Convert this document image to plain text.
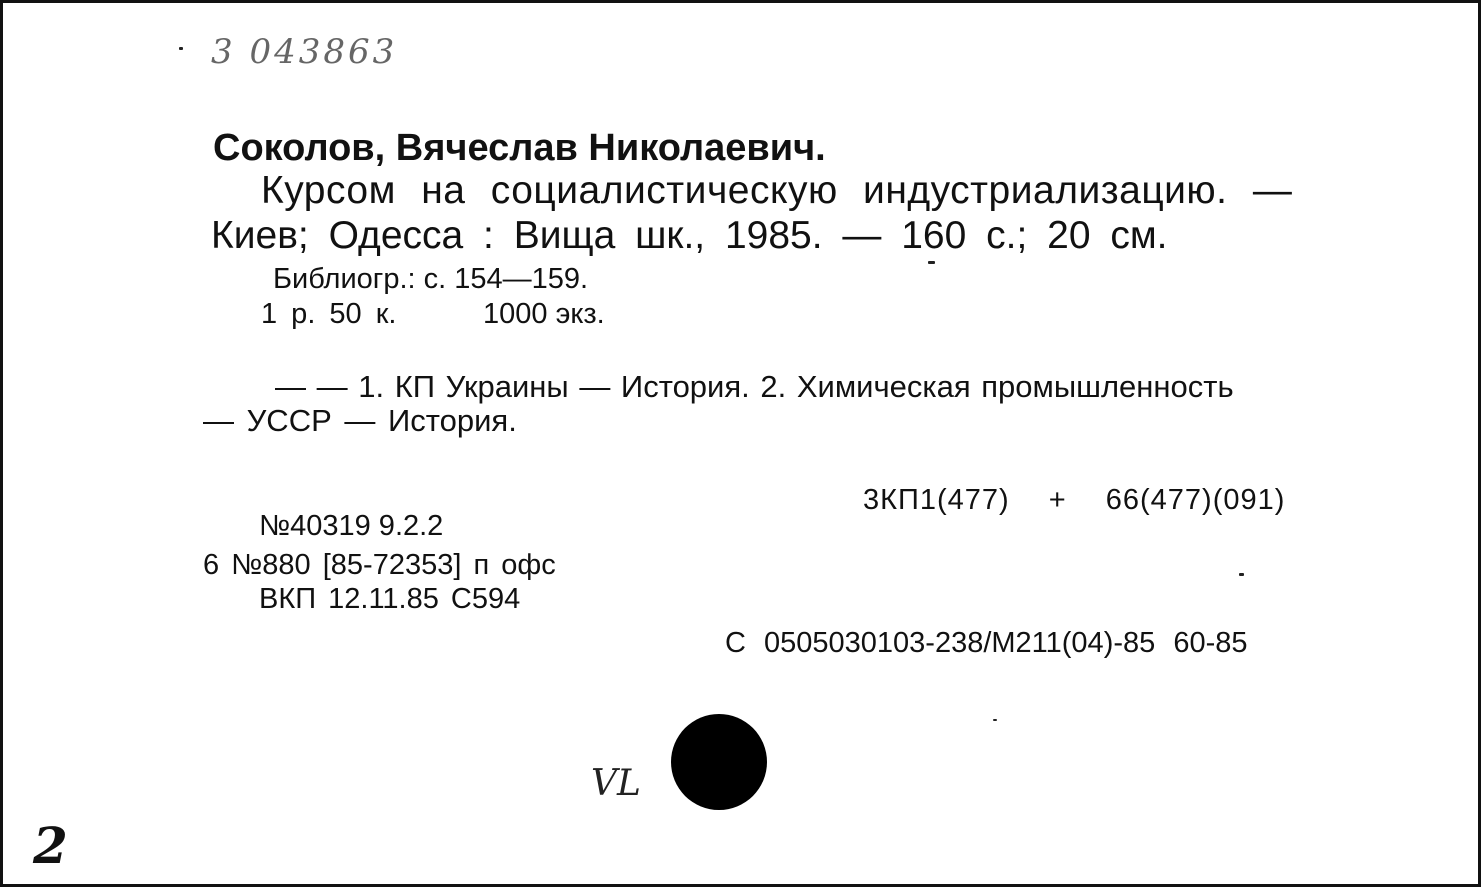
3 043863
Соколов, Вячеслав Николаевич.
Курсом на социалистическую индустриализацию. —
Киев; Одесса : Вища шк., 1985. — 160 с.; 20 см.
Библиогр.: с. 154—159.
1 р. 50 к.	1000 экз.
— — 1. КП Украины — История. 2. Химическая промышленность
— УССР — История.
3КП1(477) + 66(477)(091)
№40319 9.2.2
6 №880 [85-72353] п офс
ВКП 12.11.85 С594
С 0505030103-238/М211(04)-85 60-85
VL
2
